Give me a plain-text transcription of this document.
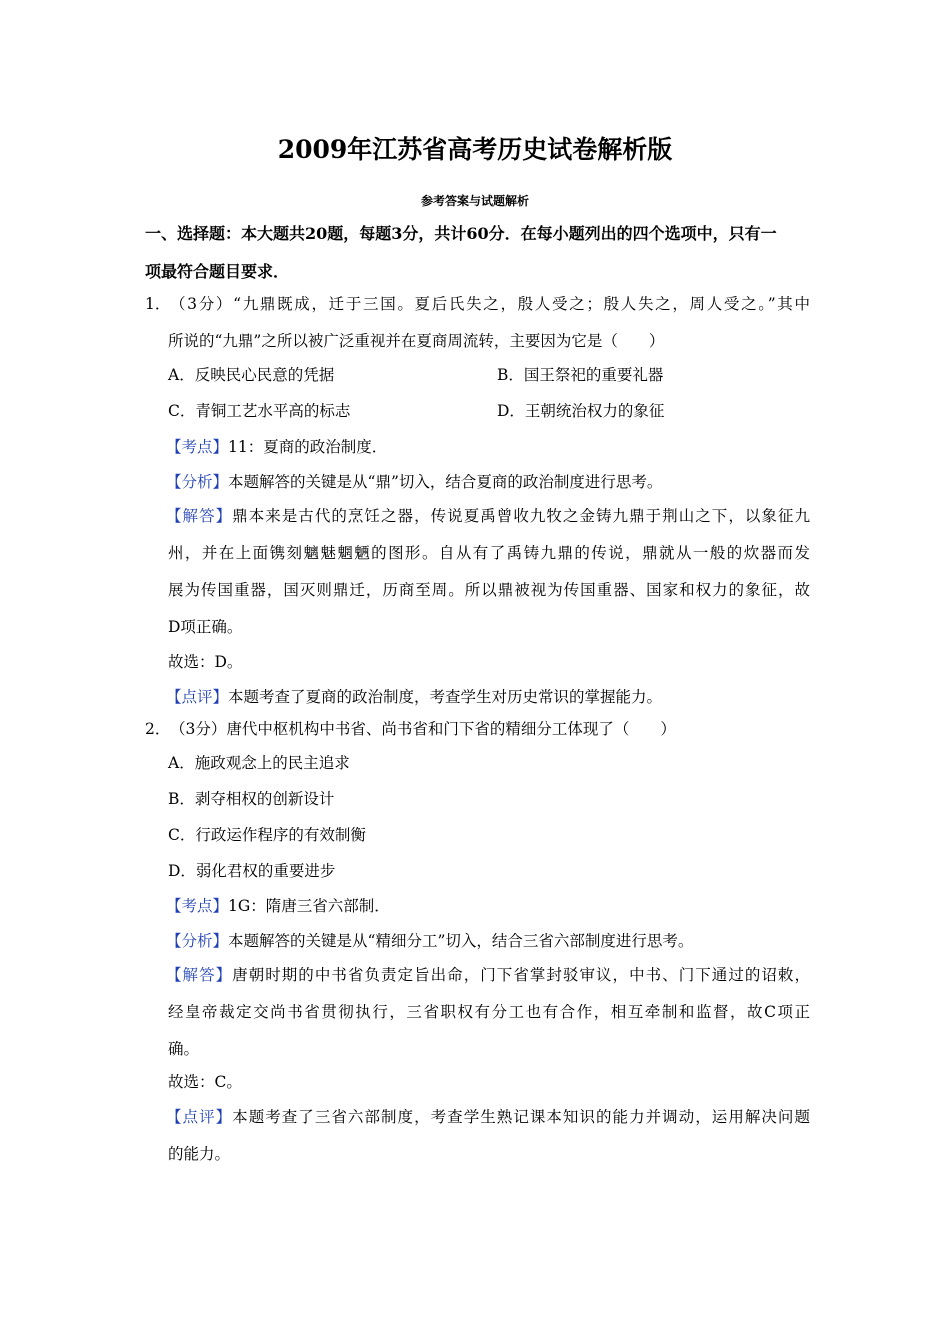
2009年江苏省高考历史试卷解析版
参考答案与试题解析
一、选择题：本大题共20题，每题3分，共计60分．在每小题列出的四个选项中，只有一
项最符合题目要求．
1． （3分）“九鼎既成，迁于三国。夏后氏失之，殷人受之；殷人失之，周人受之。”其中
所说的“九鼎”之所以被广泛重视并在夏商周流转，主要因为它是（　　）
A．反映民心民意的凭据	B．国王祭祀的重要礼器
C．青铜工艺水平高的标志	D．王朝统治权力的象征
【考点】11：夏商的政治制度．
【分析】本题解答的关键是从“鼎”切入，结合夏商的政治制度进行思考。
【解答】鼎本来是古代的烹饪之器，传说夏禹曾收九牧之金铸九鼎于荆山之下，以象征九
州，并在上面镌刻魑魅魍魉的图形。自从有了禹铸九鼎的传说，鼎就从一般的炊器而发
展为传国重器，国灭则鼎迁，历商至周。所以鼎被视为传国重器、国家和权力的象征，故
D项正确。
故选：D。
【点评】本题考查了夏商的政治制度，考查学生对历史常识的掌握能力。
2． （3分）唐代中枢机构中书省、尚书省和门下省的精细分工体现了（　　）
A．施政观念上的民主追求
B．剥夺相权的创新设计
C．行政运作程序的有效制衡
D．弱化君权的重要进步
【考点】1G：隋唐三省六部制．
【分析】本题解答的关键是从“精细分工”切入，结合三省六部制度进行思考。
【解答】唐朝时期的中书省负责定旨出命，门下省掌封驳审议，中书、门下通过的诏敕，
经皇帝裁定交尚书省贯彻执行，三省职权有分工也有合作，相互牵制和监督，故C项正
确。
故选：C。
【点评】本题考查了三省六部制度，考查学生熟记课本知识的能力并调动，运用解决问题
的能力。
